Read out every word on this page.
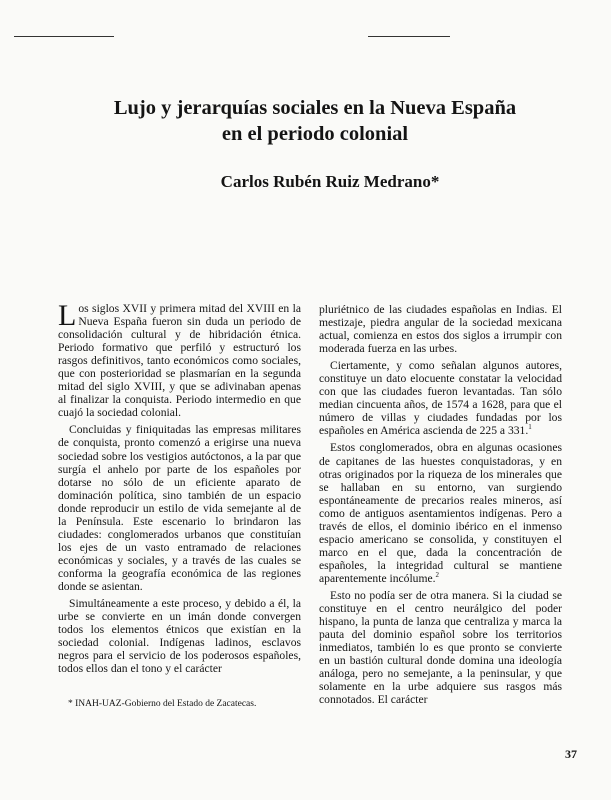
Lujo y jerarquías sociales en la Nueva España
en el periodo colonial
Carlos Rubén Ruiz Medrano*

Los siglos XVII y primera mitad del XVIII en la Nueva España fueron sin duda un periodo de consolidación cultural y de hibridación étnica. Periodo formativo que perfiló y estructuró los rasgos definitivos, tanto económicos como sociales, que con posterioridad se plasmarían en la segunda mitad del siglo XVIII, y que se adivinaban apenas al finalizar la conquista. Periodo intermedio en que cuajó la sociedad colonial.

Concluidas y finiquitadas las empresas militares de conquista, pronto comenzó a erigirse una nueva sociedad sobre los vestigios autóctonos, a la par que surgía el anhelo por parte de los españoles por dotarse no sólo de un eficiente aparato de dominación política, sino también de un espacio donde reproducir un estilo de vida semejante al de la Península. Este escenario lo brindaron las ciudades: conglomerados urbanos que constituían los ejes de un vasto entramado de relaciones económicas y sociales, y a través de las cuales se conforma la geografía económica de las regiones donde se asientan.

Simultáneamente a este proceso, y debido a él, la urbe se convierte en un imán donde convergen todos los elementos étnicos que existían en la sociedad colonial. Indígenas ladinos, esclavos negros para el servicio de los poderosos españoles, todos ellos dan el tono y el carácter

pluriétnico de las ciudades españolas en Indias. El mestizaje, piedra angular de la sociedad mexicana actual, comienza en estos dos siglos a irrumpir con moderada fuerza en las urbes.

Ciertamente, y como señalan algunos autores, constituye un dato elocuente constatar la velocidad con que las ciudades fueron levantadas. Tan sólo median cincuenta años, de 1574 a 1628, para que el número de villas y ciudades fundadas por los españoles en América ascienda de 225 a 331.$^1$

Estos conglomerados, obra en algunas ocasiones de capitanes de las huestes conquistadoras, y en otras originados por la riqueza de los minerales que se hallaban en su entorno, van surgiendo espontáneamente de precarios reales mineros, así como de antiguos asentamientos indígenas. Pero a través de ellos, el dominio ibérico en el inmenso espacio americano se consolida, y constituyen el marco en el que, dada la concentración de españoles, la integridad cultural se mantiene aparentemente incólume.$^2$

Esto no podía ser de otra manera. Si la ciudad se constituye en el centro neurálgico del poder hispano, la punta de lanza que centraliza y marca la pauta del dominio español sobre los territorios inmediatos, también lo es que pronto se convierte en un bastión cultural donde domina una ideología análoga, pero no semejante, a la peninsular, y que solamente en la urbe adquiere sus rasgos más connotados. El carácter

* INAH-UAZ-Gobierno del Estado de Zacatecas.
37
